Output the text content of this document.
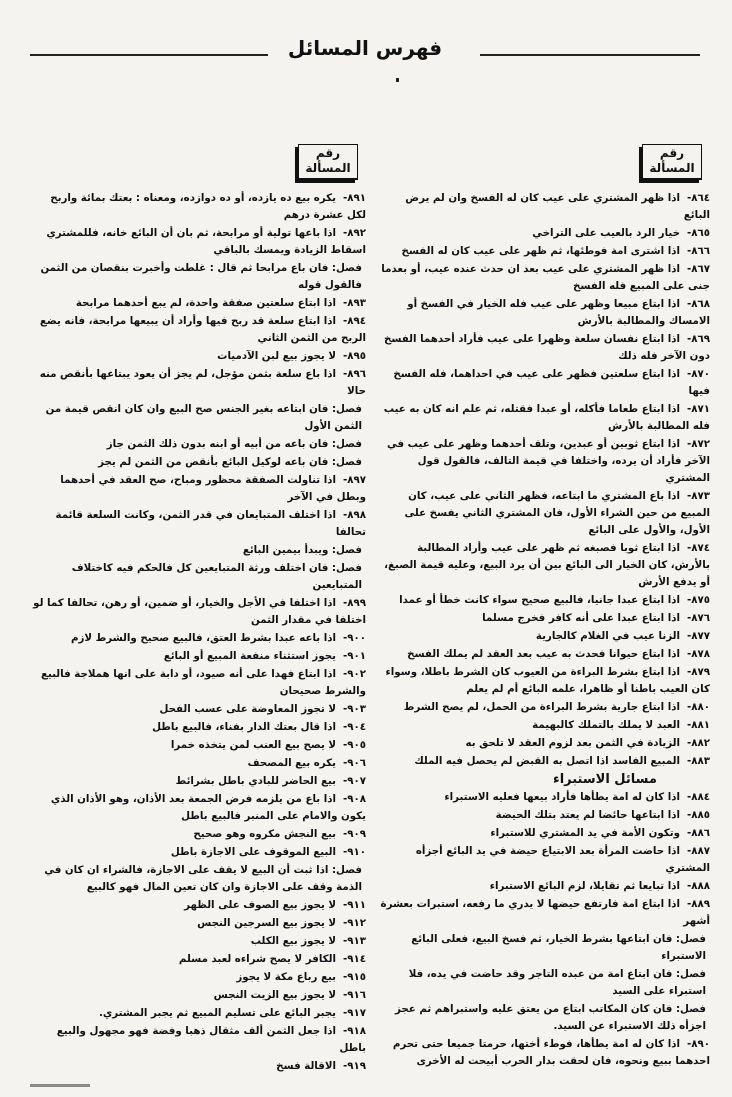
فهرس المسائل
رقم
المسألة
٨٦٤-اذا ظهر المشتري على عيب كان له الفسخ وان لم يرض البائع
٨٦٥-خيار الرد بالعيب على التراخي
٨٦٦-اذا اشترى امة فوطئها، ثم ظهر على عيب كان له الفسخ
٨٦٧-اذا ظهر المشتري على عيب بعد ان حدث عنده عيب، أو بعدما جنى على المبيع فله الفسخ
٨٦٨-اذا ابتاع مبيعا وظهر على عيب فله الخيار في الفسخ أو الامساك والمطالبة بالأرش
٨٦٩-اذا ابتاع نفسان سلعة وظهرا على عيب فأراد أحدهما الفسخ دون الآخر فله ذلك
٨٧٠-اذا ابتاع سلعتين فظهر على عيب في احداهما، فله الفسخ فيها
٨٧١-اذا ابتاع طعاما فأكله، أو عبدا فقتله، ثم علم انه كان به عيب فله المطالبة بالأرش
٨٧٢-اذا ابتاع ثوبين أو عبدين، وتلف أحدهما وظهر على عيب في الآخر فأراد أن يرده، واختلفا في قيمة التالف، فالقول قول المشتري
٨٧٣-اذا باع المشتري ما ابتاعه، فظهر الثاني على عيب، كان المبيع من حين الشراء الأول، فان المشتري الثاني يفسخ على الأول، والأول على البائع
٨٧٤-اذا ابتاع ثوبا فصبغه ثم ظهر على عيب وأراد المطالبة بالأرش، كان الخيار الى البائع بين أن يرد البيع، وعليه قيمة الصبغ، أو يدفع الأرش
٨٧٥-اذا ابتاع عبدا جانيا، فالبيع صحيح سواء كانت خطأ أو عمدا
٨٧٦-اذا ابتاع عبدا على أنه كافر فخرج مسلما
٨٧٧-الزنا عيب في الغلام كالجارية
٨٧٨-اذا ابتاع حيوانا فحدث به عيب بعد العقد لم يملك الفسخ
٨٧٩-اذا ابتاع بشرط البراءة من العيوب كان الشرط باطلا، وسواء كان العيب باطنا أو ظاهرا، علمه البائع أم لم يعلم
٨٨٠-اذا ابتاع جارية بشرط البراءة من الحمل، لم يصح الشرط
٨٨١-العبد لا يملك بالتملك كالبهيمة
٨٨٢-الزيادة في الثمن بعد لزوم العقد لا تلحق به
٨٨٣-المبيع الفاسد اذا اتصل به القبض لم يحصل فيه الملك
مسائل الاستبراء
٨٨٤-اذا كان له امة يطأها فأراد بيعها فعليه الاستبراء
٨٨٥-اذا ابتاعها حائضا لم يعتد بتلك الحيضة
٨٨٦-وتكون الأمة في يد المشتري للاستبراء
٨٨٧-اذا حاضت المرأة بعد الابتياع حيضة في يد البائع أجزأه المشتري
٨٨٨-اذا تبايعا ثم تقايلا، لزم البائع الاستبراء
٨٨٩-اذا ابتاع امة فارتفع حيضها لا يدري ما رفعه، استبرات بعشرة أشهر
فصل: فان ابتاعها بشرط الخيار، ثم فسخ البيع، فعلى البائع الاستبراء
فصل: فان ابتاع امة من عبده التاجر وقد حاضت في يده، فلا استبراء على السيد
فصل: فان كان المكاتب ابتاع من يعتق عليه واستبراهم ثم عجز اجزأه ذلك الاستبراء عن السيد.
٨٩٠-اذا كان له امة يطأها، فوطء أختها، حرمتا جميعا حتى تحرم احدهما ببيع ونحوه، فان لحقت بدار الحرب أبيحت له الأخرى
رقم
المسألة
٨٩١-يكره بيع ده يازده، أو ده دوازده، ومعناه : بعتك بمائة واربح لكل عشرة درهم
٨٩٢-اذا باعها تولية أو مرابحة، ثم بان أن البائع خانه، فللمشتري اسقاط الزيادة ويمسك بالباقي
فصل: فان باع مرابحا ثم قال : غلطت وأخبرت بنقصان من الثمن فالقول قوله
٨٩٣-اذا ابتاع سلعتين صفقة واحدة، لم يبع أحدهما مرابحة
٨٩٤-اذا ابتاع سلعة قد ربح فيها وأراد أن يبيعها مرابحة، فانه يضع الربح من الثمن الثاني
٨٩٥-لا يجوز بيع لبن الآدميات
٨٩٦-اذا باع سلعة بثمن مؤجل، لم يجز أن يعود يبتاعها بأنقص منه حالا
فصل: فان ابتاعه بغير الجنس صح البيع وان كان انقص قيمة من الثمن الأول
فصل: فان باعه من أبيه أو ابنه بدون ذلك الثمن جاز
فصل: فان باعه لوكيل البائع بأنقص من الثمن لم يجز
٨٩٧-اذا تناولت الصفقة محظور ومباح، صح العقد في أحدهما وبطل في الآخر
٨٩٨-اذا اختلف المتبايعان في قدر الثمن، وكانت السلعة قائمة تحالفا
فصل: ويبدأ بيمين البائع
فصل: فان اختلف ورثة المتبايعين كل فالحكم فيه كاختلاف المتبايعين
٨٩٩-اذا اختلفا في الأجل والخيار، أو ضمين، أو رهن، تحالفا كما لو اختلفا في مقدار الثمن
٩٠٠-اذا باعه عبدا بشرط العتق، فالبيع صحيح والشرط لازم
٩٠١-يجوز استثناء منفعة المبيع أو البائع
٩٠٢-اذا ابتاع فهدا على أنه صيود، أو دابة على انها هملاجة فالبيع والشرط صحيحان
٩٠٣-لا تجوز المعاوضة على عسب الفحل
٩٠٤-اذا قال بعتك الدار بفناء، فالبيع باطل
٩٠٥-لا يصح بيع العنب لمن يتخذه خمرا
٩٠٦-يكره بيع المصحف
٩٠٧-بيع الحاضر للبادي باطل بشرائط
٩٠٨-اذا باع من يلزمه فرض الجمعة بعد الأذان، وهو الأذان الذي يكون والامام على المنبر فالبيع باطل
٩٠٩-بيع النجش مكروه وهو صحيح
٩١٠-البيع الموقوف على الاجازة باطل
فصل: اذا ثبت أن البيع لا يقف على الاجازة، فالشراء ان كان في الذمة وقف على الاجازة وان كان تعين المال فهو كالبيع
٩١١-لا يجوز بيع الصوف على الظهر
٩١٢-لا يجوز بيع السرجين النجس
٩١٣-لا يجوز بيع الكلب
٩١٤-الكافر لا يصح شراءه لعبد مسلم
٩١٥-بيع رباع مكة لا يجوز
٩١٦-لا يجوز بيع الزيت النجس
٩١٧-يجبر البائع على تسليم المبيع ثم يجبر المشتري.
٩١٨-اذا جعل الثمن ألف مثقال ذهبا وفضة فهو مجهول والبيع باطل
٩١٩-الاقالة فسخ
